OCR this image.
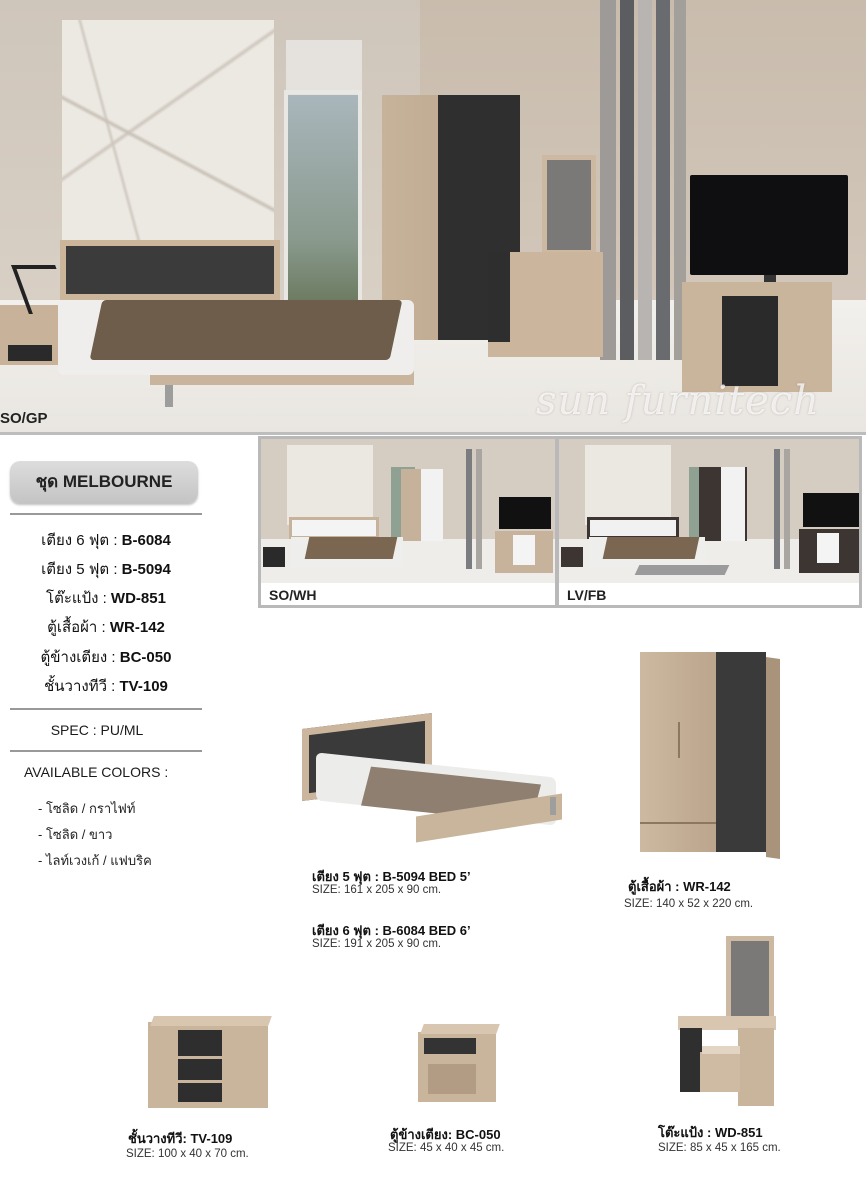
sun furnitech
SO/GP
ชุด MELBOURNE
เตียง 6 ฟุต : B-6084
เตียง 5 ฟุต : B-5094
โต๊ะแป้ง : WD-851
ตู้เสื้อผ้า : WR-142
ตู้ข้างเตียง : BC-050
ชั้นวางทีวี : TV-109
SPEC : PU/ML
AVAILABLE COLORS :
- โซลิด / กราไฟท์
- โซลิด / ขาว
- ไลท์เวงเก้ / แฟบริค
SO/WH	LV/FB
เตียง 5 ฟุต : B-5094 BED 5’
SIZE: 161 x 205 x 90 cm.
เตียง 6 ฟุต : B-6084 BED 6’
SIZE: 191 x 205 x 90 cm.
ตู้เสื้อผ้า : WR-142
SIZE: 140 x 52 x 220 cm.
ชั้นวางทีวี: TV-109
SIZE: 100 x 40 x 70 cm.
ตู้ข้างเตียง: BC-050
SIZE: 45 x 40 x 45 cm.
โต๊ะแป้ง : WD-851
SIZE: 85 x 45 x 165 cm.
